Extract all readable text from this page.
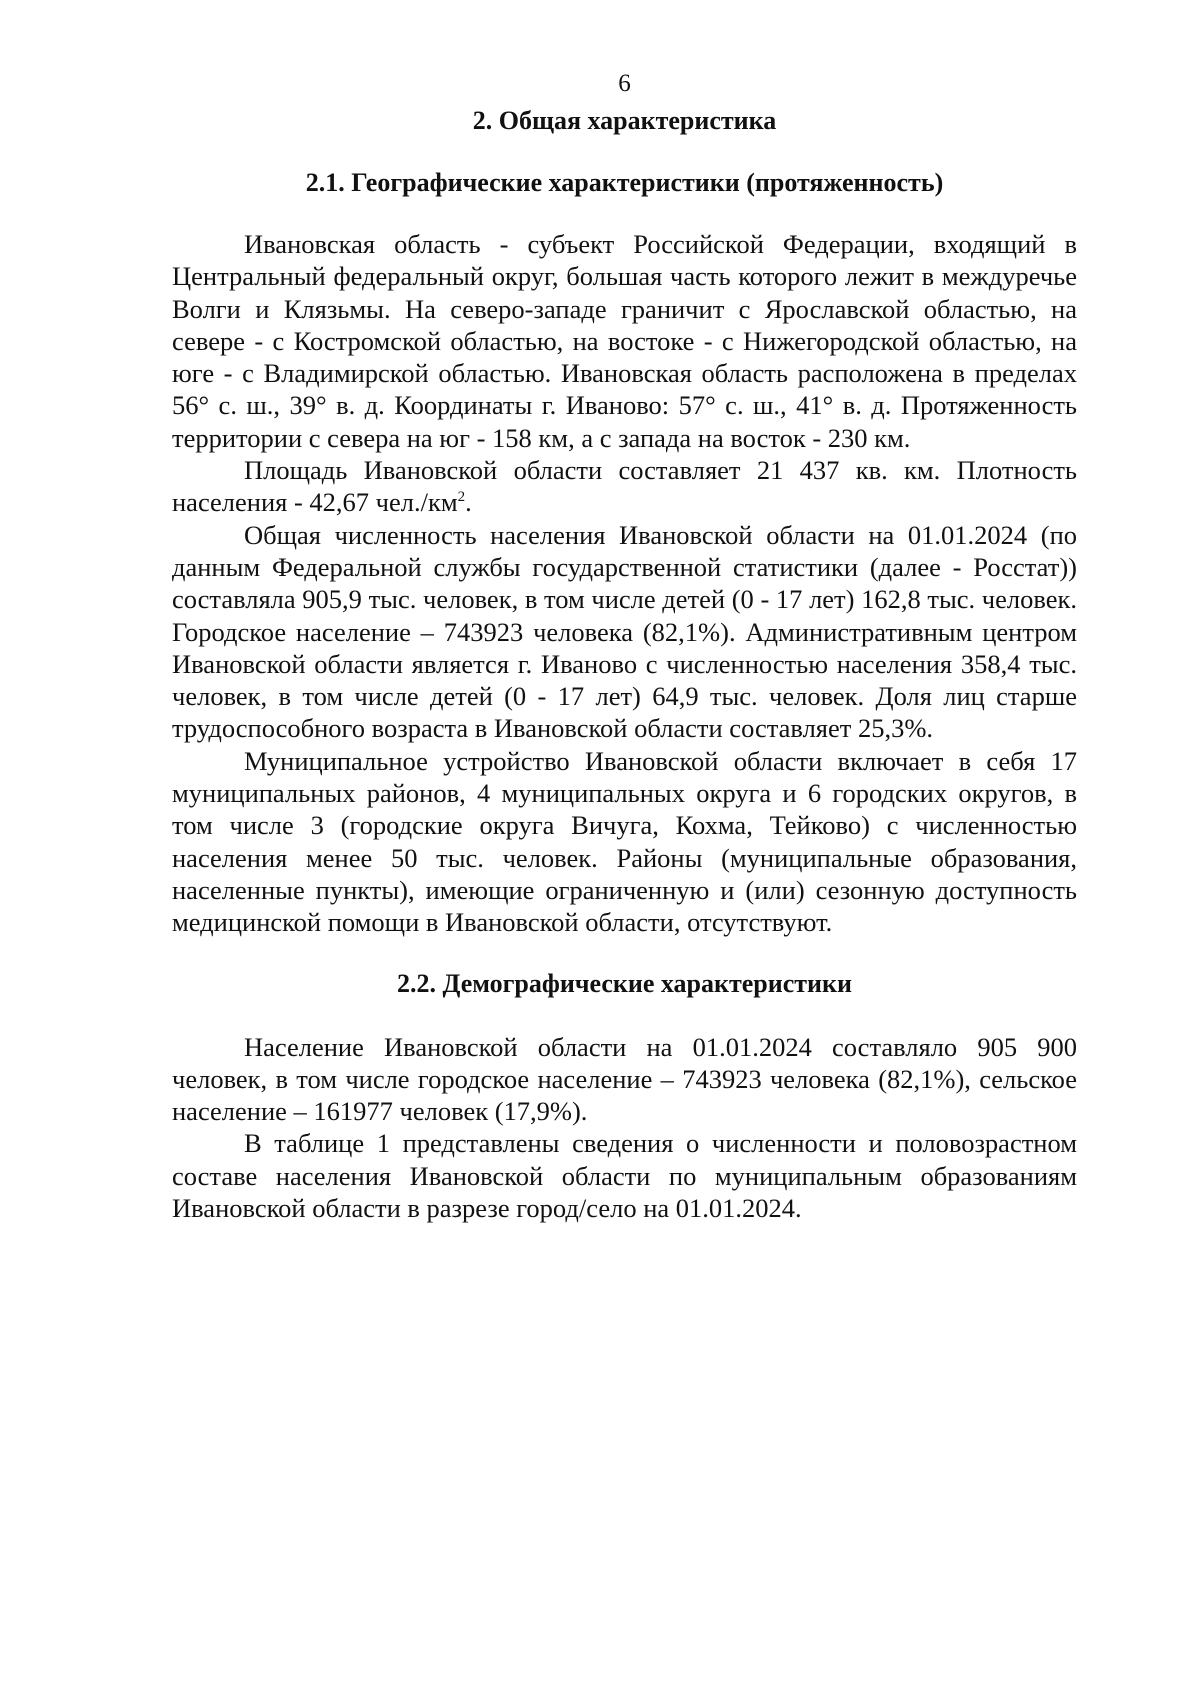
6
2. Общая характеристика
2.1. Географические характеристики (протяженность)

Ивановская область - субъект Российской Федерации, входящий в Центральный федеральный округ, большая часть которого лежит в междуречье Волги и Клязьмы. На северо-западе граничит с Ярославской областью, на севере - с Костромской областью, на востоке - с Нижегородской областью, на юге - с Владимирской областью. Ивановская область расположена в пределах 56° с. ш., 39° в. д. Координаты г. Иваново: 57° с. ш., 41° в. д. Протяженность территории с севера на юг - 158 км, а с запада на восток - 230 км.

Площадь Ивановской области составляет 21 437 кв. км. Плотность населения - 42,67 $чел./км^2$.

Общая численность населения Ивановской области на 01.01.2024 (по данным Федеральной службы государственной статистики (далее - Росстат)) составляла 905,9 тыс. человек, в том числе детей (0 - 17 лет) 162,8 тыс. человек. Городское население – 743923 человека (82,1%). Административным центром Ивановской области является г. Иваново с численностью населения 358,4 тыс. человек, в том числе детей (0 - 17 лет) 64,9 тыс. человек. Доля лиц старше трудоспособного возраста в Ивановской области составляет 25,3%.

Муниципальное устройство Ивановской области включает в себя 17 муниципальных районов, 4 муниципальных округа и 6 городских округов, в том числе 3 (городские округа Вичуга, Кохма, Тейково) с численностью населения менее 50 тыс. человек. Районы (муниципальные образования, населенные пункты), имеющие ограниченную и (или) сезонную доступность медицинской помощи в Ивановской области, отсутствуют.

2.2. Демографические характеристики

Население Ивановской области на 01.01.2024 составляло 905 900 человек, в том числе городское население – 743923 человека (82,1%), сельское население – 161977 человек (17,9%).

В таблице 1 представлены сведения о численности и половозрастном составе населения Ивановской области по муниципальным образованиям Ивановской области в разрезе город/село на 01.01.2024.
